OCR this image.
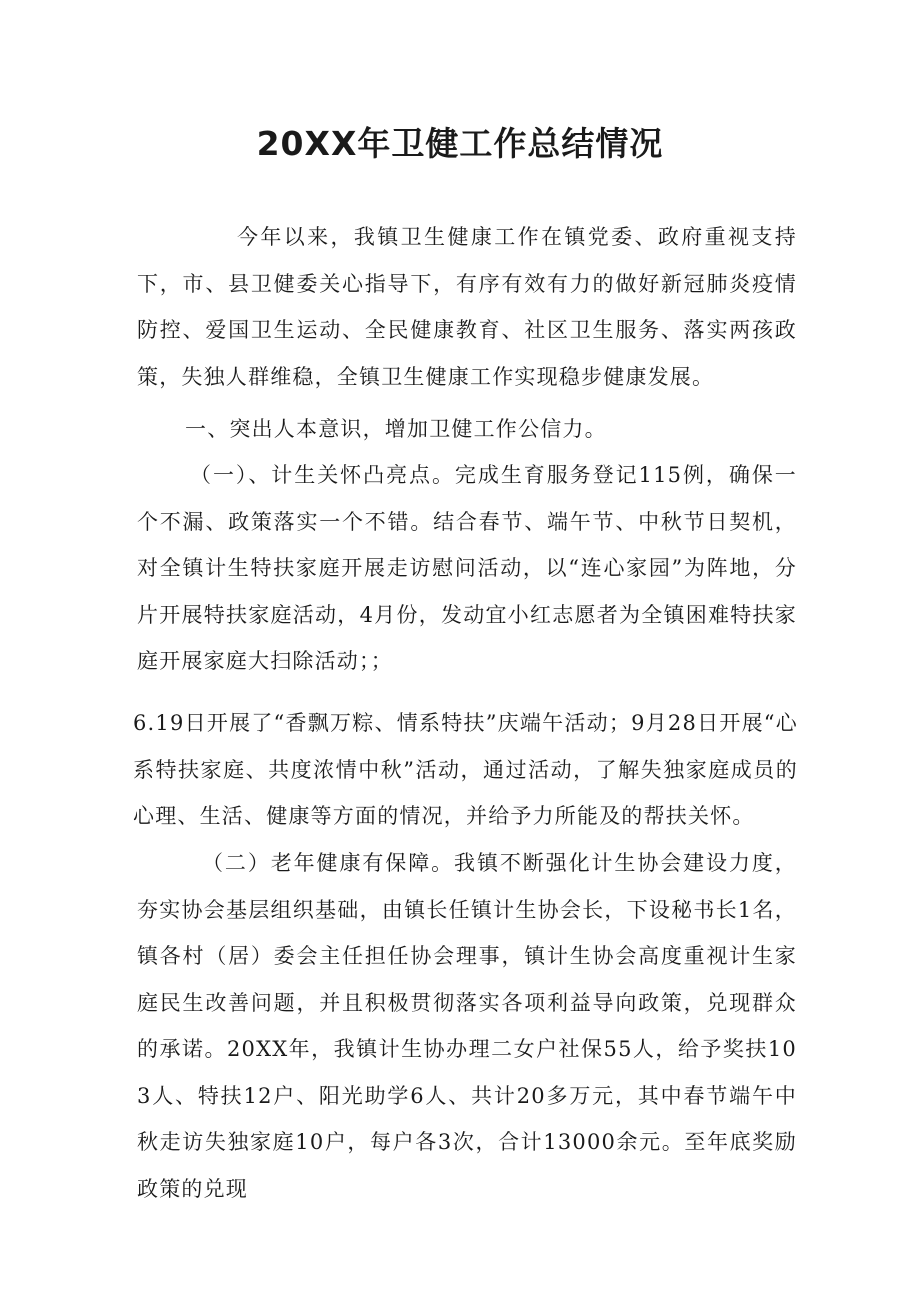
20XX年卫健工作总结情况

今年以来，我镇卫生健康工作在镇党委、政府重视支持下，市、县卫健委关心指导下，有序有效有力的做好新冠肺炎疫情防控、爱国卫生运动、全民健康教育、社区卫生服务、落实两孩政策，失独人群维稳，全镇卫生健康工作实现稳步健康发展。

一、突出人本意识，增加卫健工作公信力。

（一）、计生关怀凸亮点。完成生育服务登记115例，确保一个不漏、政策落实一个不错。结合春节、端午节、中秋节日契机，对全镇计生特扶家庭开展走访慰问活动，以“连心家园”为阵地，分片开展特扶家庭活动，4月份，发动宜小红志愿者为全镇困难特扶家庭开展家庭大扫除活动；；

6.19日开展了“香飘万粽、情系特扶”庆端午活动；9月28日开展“心系特扶家庭、共度浓情中秋”活动，通过活动，了解失独家庭成员的心理、生活、健康等方面的情况，并给予力所能及的帮扶关怀。

（二）老年健康有保障。我镇不断强化计生协会建设力度，夯实协会基层组织基础，由镇长任镇计生协会长，下设秘书长1名，镇各村（居）委会主任担任协会理事，镇计生协会高度重视计生家庭民生改善问题，并且积极贯彻落实各项利益导向政策，兑现群众的承诺。20XX年，我镇计生协办理二女户社保55人，给予奖扶103人、特扶12户、阳光助学6人、共计20多万元，其中春节端午中秋走访失独家庭10户，每户各3次，合计13000余元。至年底奖励政策的兑现
